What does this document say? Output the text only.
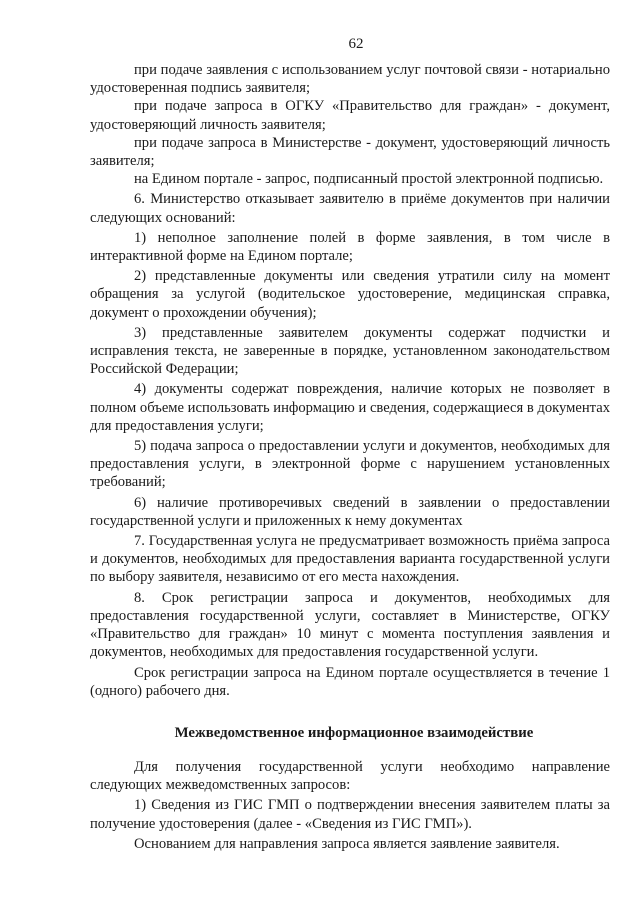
62

при подаче заявления с использованием услуг почтовой связи - нотариально удостоверенная подпись заявителя;

при подаче запроса в ОГКУ «Правительство для граждан» - документ, удостоверяющий личность заявителя;

при подаче запроса в Министерстве - документ, удостоверяющий личность заявителя;

на Едином портале - запрос, подписанный простой электронной подписью.

6. Министерство отказывает заявителю в приёме документов при наличии следующих оснований:

1) неполное заполнение полей в форме заявления, в том числе в интерактивной форме на Едином портале;

2) представленные документы или сведения утратили силу на момент обращения за услугой (водительское удостоверение, медицинская справка, документ о прохождении обучения);

3) представленные заявителем документы содержат подчистки и исправления текста, не заверенные в порядке, установленном законодательством Российской Федерации;

4) документы содержат повреждения, наличие которых не позволяет в полном объеме использовать информацию и сведения, содержащиеся в документах для предоставления услуги;

5) подача запроса о предоставлении услуги и документов, необходимых для предоставления услуги, в электронной форме с нарушением установленных требований;

6) наличие противоречивых сведений в заявлении о предоставлении государственной услуги и приложенных к нему документах

7. Государственная услуга не предусматривает возможность приёма запроса и документов, необходимых для предоставления варианта государственной услуги по выбору заявителя, независимо от его места нахождения.

8. Срок регистрации запроса и документов, необходимых для предоставления государственной услуги, составляет в Министерстве, ОГКУ «Правительство для граждан» 10 минут с момента поступления заявления и документов, необходимых для предоставления государственной услуги.

Срок регистрации запроса на Едином портале осуществляется в течение 1 (одного) рабочего дня.

Межведомственное информационное взаимодействие

Для получения государственной услуги необходимо направление следующих межведомственных запросов:

1) Сведения из ГИС ГМП о подтверждении внесения заявителем платы за получение удостоверения (далее - «Сведения из ГИС ГМП»).

Основанием для направления запроса является заявление заявителя.
